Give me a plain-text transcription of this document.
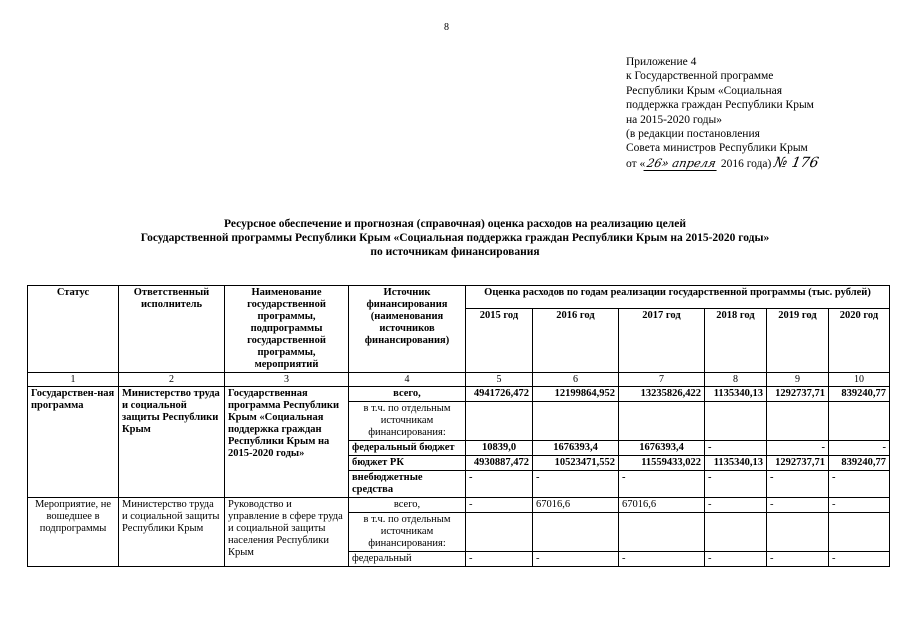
8
Приложение 4
к Государственной программе
Республики Крым «Социальная
поддержка граждан Республики Крым
на 2015-2020 годы»
(в редакции постановления
Совета министров Республики Крым
от «26» апреля 2016 года) № 176
Ресурсное обеспечение и прогнозная (справочная) оценка расходов на реализацию целей
Государственной программы Республики Крым «Социальная поддержка граждан Республики Крым на 2015-2020 годы»
по источникам финансирования
Статус	Ответственный исполнитель	Наименование государственной программы, подпрограммы государственной программы, мероприятий	Источник финансирования (наименования источников финансирования)	Оценка расходов по годам реализации государственной программы (тыс. рублей)					
				2015 год	2016 год	2017 год	2018 год	2019 год	2020 год
1	2	3	4	5	6	7	8	9	10
Государствен-ная программа	Министерство труда и социальной защиты Республики Крым	Государственная программа Республики Крым «Социальная поддержка граждан Республики Крым на 2015-2020 годы»	всего,	4941726,472	12199864,952	13235826,422	1135340,13	1292737,71	839240,77
			в т.ч. по отдельным источникам финансирования:						
			федеральный бюджет	10839,0	1676393,4	1676393,4	-	-	-
			бюджет РК	4930887,472	10523471,552	11559433,022	1135340,13	1292737,71	839240,77
			внебюджетные средства	-	-	-	-	-	-
Мероприятие, не вошедшее в подпрограммы	Министерство труда и социальной защиты Республики Крым	Руководство и управление в сфере труда и социальной защиты населения Республики Крым	всего,	-	67016,6	67016,6	-	-	-
			в т.ч. по отдельным источникам финансирования:						
			федеральный	-	-	-	-	-	-
